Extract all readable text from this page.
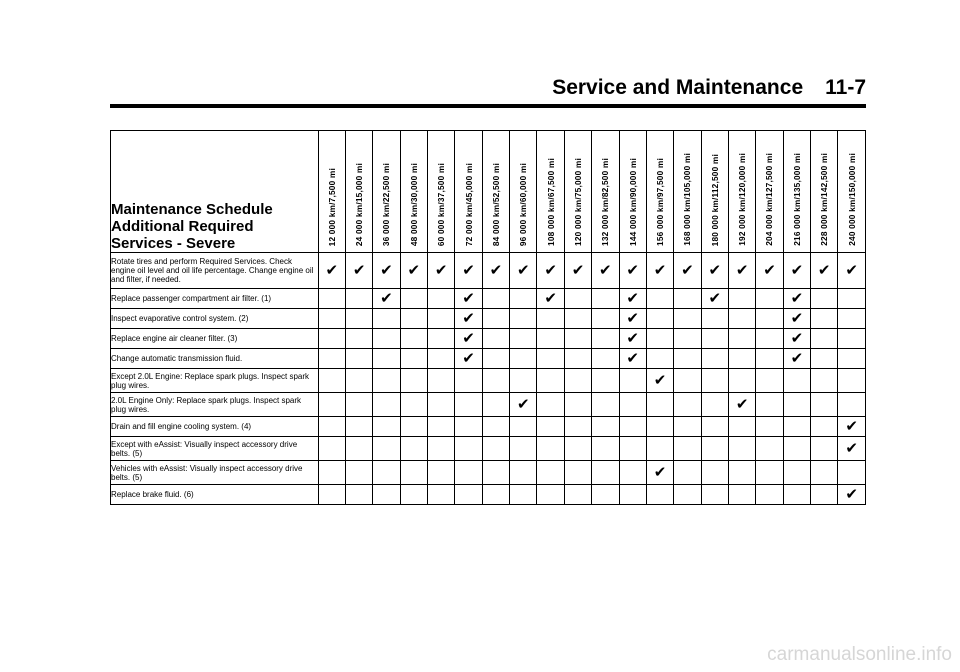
Service and Maintenance 11-7
Maintenance Schedule
Additional Required
Services - Severe	12 000 km/7,500 mi	24 000 km/15,000 mi	36 000 km/22,500 mi	48 000 km/30,000 mi	60 000 km/37,500 mi	72 000 km/45,000 mi	84 000 km/52,500 mi	96 000 km/60,000 mi	108 000 km/67,500 mi	120 000 km/75,000 mi	132 000 km/82,500 mi	144 000 km/90,000 mi	156 000 km/97,500 mi	168 000 km/105,000 mi	180 000 km/112,500 mi	192 000 km/120,000 mi	204 000 km/127,500 mi	216 000 km/135,000 mi	228 000 km/142,500 mi	240 000 km/150,000 mi

Rotate tires and perform Required Services. Check engine oil level and oil life percentage. Change engine oil and filter, if needed.	✔	✔	✔	✔	✔	✔	✔	✔	✔	✔	✔	✔	✔	✔	✔	✔	✔	✔	✔	✔
Replace passenger compartment air filter. (1)			✔			✔			✔			✔			✔			✔		
Inspect evaporative control system. (2)						✔						✔						✔		
Replace engine air cleaner filter. (3)						✔						✔						✔		
Change automatic transmission fluid.						✔						✔						✔		
Except 2.0L Engine: Replace spark plugs. Inspect spark plug wires.													✔							
2.0L Engine Only: Replace spark plugs. Inspect spark plug wires.								✔								✔				
Drain and fill engine cooling system. (4)																				✔
Except with eAssist: Visually inspect accessory drive belts. (5)																				✔
Vehicles with eAssist: Visually inspect accessory drive belts. (5)													✔							
Replace brake fluid. (6)																				✔
carmanualsonline.info
